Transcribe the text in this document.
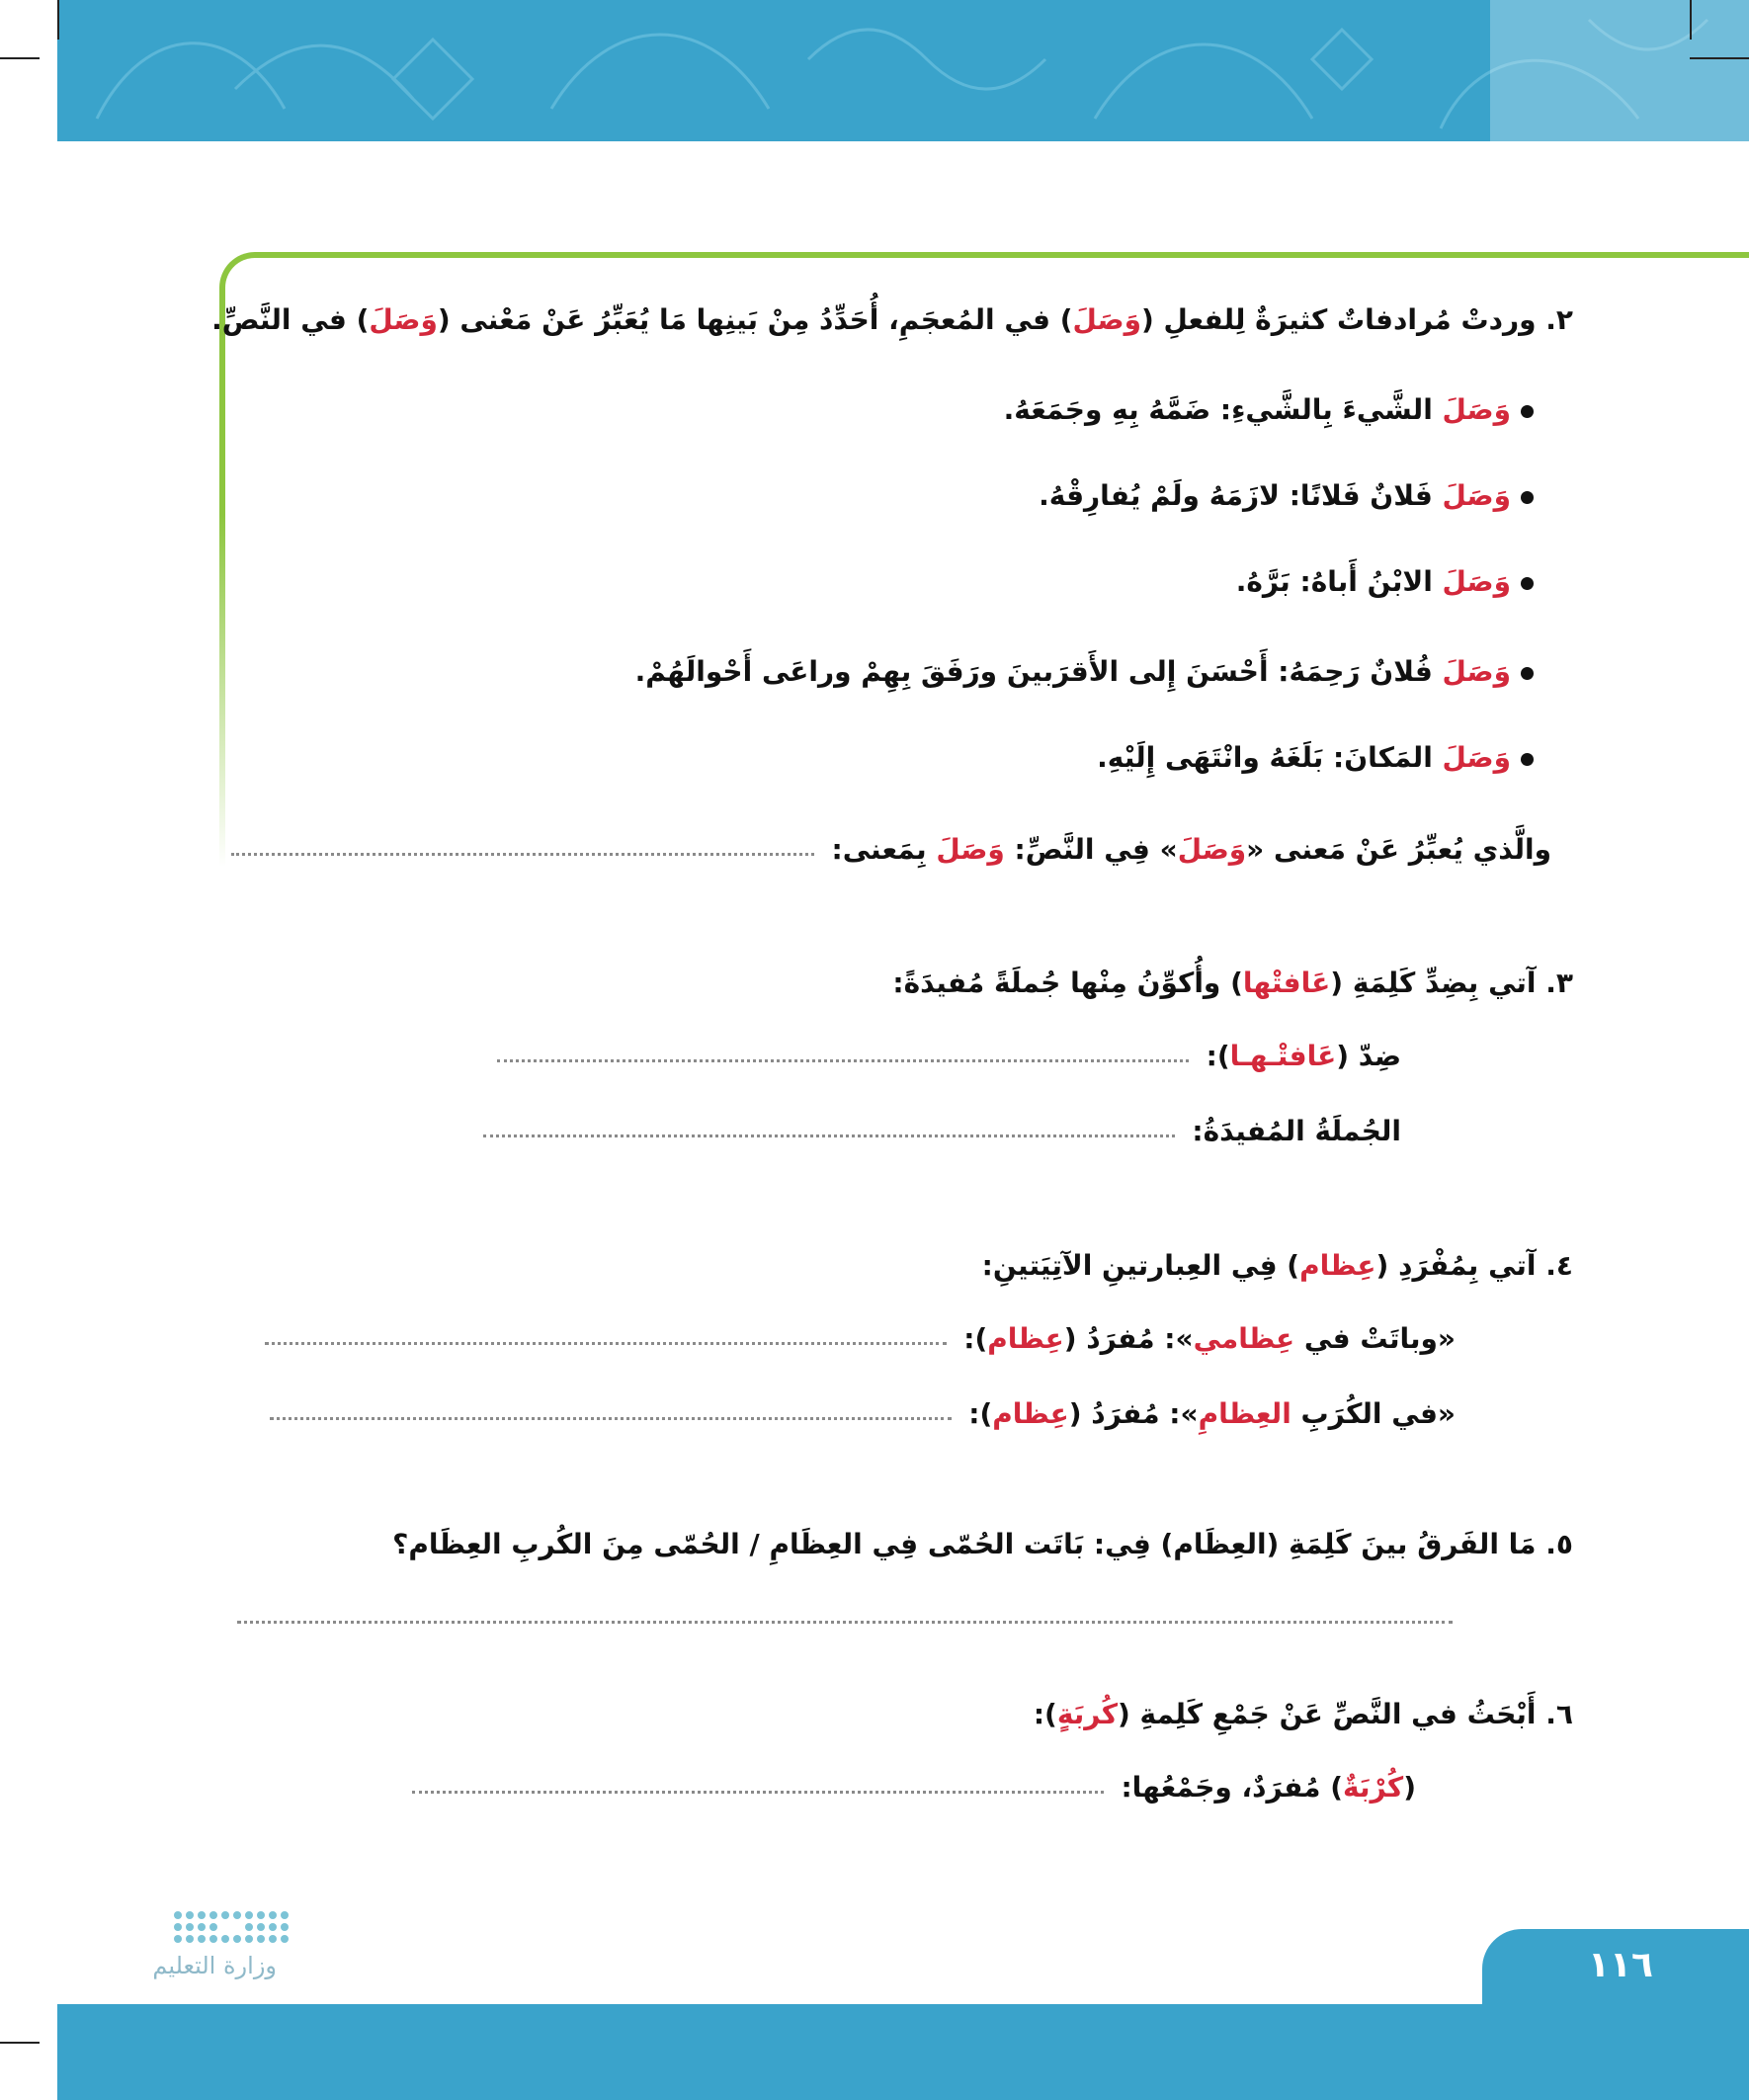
٢. وردتْ مُرادفاتٌ كثيرَةٌ لِلفعلِ (وَصَلَ) في المُعجَمِ، أُحَدِّدُ مِنْ بَينِها مَا يُعَبِّرُ عَنْ مَعْنى (وَصَلَ) في النَّصِّ.
وَصَلَ الشَّيءَ بِالشَّيءِ: ضَمَّهُ بِهِ وجَمَعَهُ.
وَصَلَ فَلانٌ فَلانًا: لازَمَهُ ولَمْ يُفارِقْهُ.
وَصَلَ الابْنُ أَباهُ: بَرَّهُ.
وَصَلَ فُلانٌ رَحِمَهُ: أَحْسَنَ إِلى الأَقرَبينَ ورَفَقَ بِهِمْ وراعَى أَحْوالَهُمْ.
وَصَلَ المَكانَ: بَلَغَهُ وانْتَهَى إِلَيْهِ.
والَّذي يُعبِّرُ عَنْ مَعنى «وَصَلَ» فِي النَّصِّ: وَصَلَ بِمَعنى:
٣. آتي بِضِدِّ كَلِمَةِ (عَافتْها) وأُكوِّنُ مِنْها جُملَةً مُفيدَةً:
ضِدّ (عَافتْـهـا):
الجُملَةُ المُفيدَةُ:
٤. آتي بِمُفْرَدِ (عِظام) فِي العِبارتينِ الآتِيَتينِ:
«وباتَتْ في عِظامي»: مُفرَدُ (عِظام):
«في الكُرَبِ العِظامِ»: مُفرَدُ (عِظام):
٥. مَا الفَرقُ بينَ كَلِمَةِ (العِظَام) فِي: بَاتَت الحُمّى فِي العِظَامِ / الحُمّى مِنَ الكُربِ العِظَام؟
٦. أَبْحَثُ في النَّصِّ عَنْ جَمْعِ كَلِمةِ (كُربَةٍ):
(كُرْبَةٌ) مُفرَدٌ، وجَمْعُها:
١١٦
وزارة التعليم
